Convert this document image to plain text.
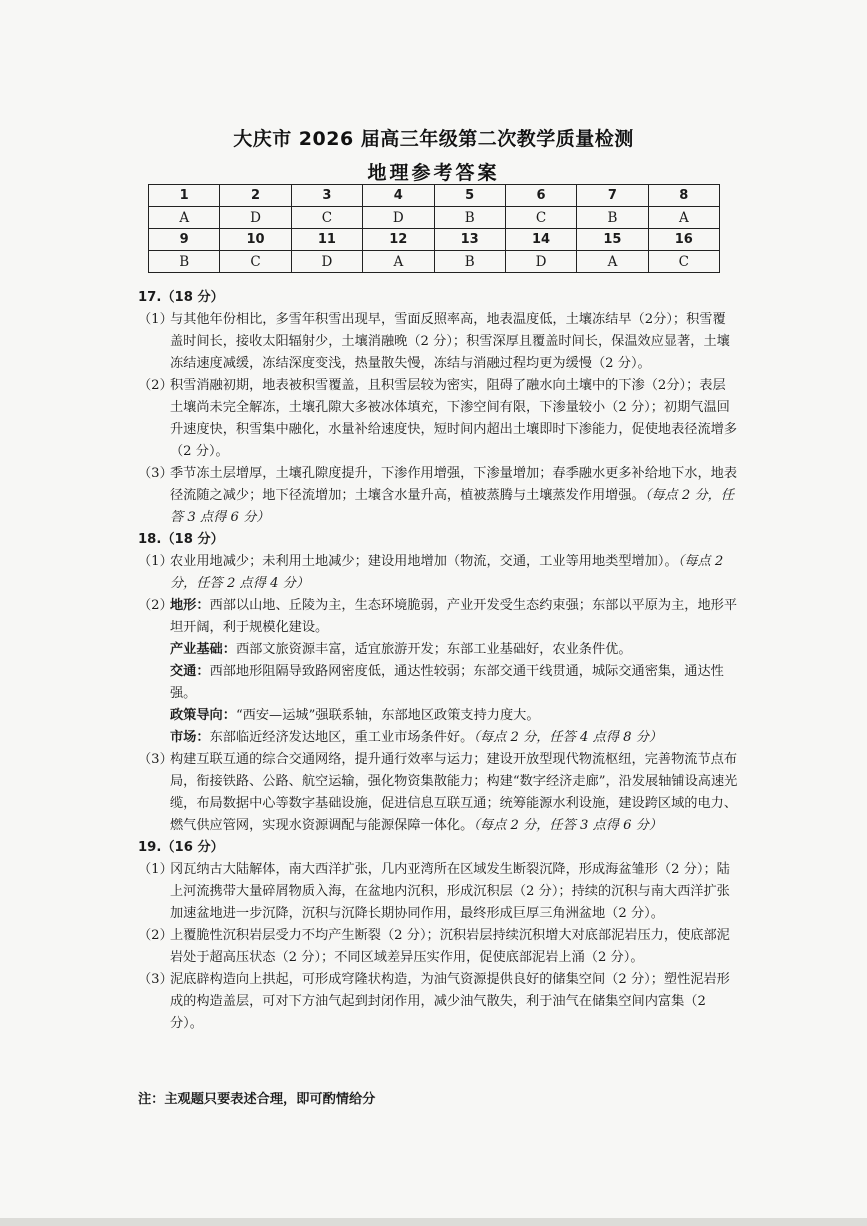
大庆市 2026 届高三年级第二次教学质量检测
地理参考答案
1	2	3	4	5	6	7	8
A	D	C	D	B	C	B	A
9	10	11	12	13	14	15	16
B	C	D	A	B	D	A	C

17.（18 分）

（1）
与其他年份相比，多雪年积雪出现早，雪面反照率高，地表温度低，土壤冻结早（2分）；积雪覆盖时间长，接收太阳辐射少，土壤消融晚（2 分）；积雪深厚且覆盖时间长，保温效应显著，土壤冻结速度减缓，冻结深度变浅，热量散失慢，冻结与消融过程均更为缓慢（2 分）。

（2）
积雪消融初期，地表被积雪覆盖，且积雪层较为密实，阻碍了融水向土壤中的下渗（2分）；表层土壤尚未完全解冻，土壤孔隙大多被冰体填充，下渗空间有限，下渗量较小（2 分）；初期气温回升速度快，积雪集中融化，水量补给速度快，短时间内超出土壤即时下渗能力，促使地表径流增多（2 分）。

（3）
季节冻土层增厚，土壤孔隙度提升，下渗作用增强，下渗量增加；春季融水更多补给地下水，地表径流随之减少；地下径流增加；土壤含水量升高，植被蒸腾与土壤蒸发作用增强。（每点 2 分，任答 3 点得 6 分）

18.（18 分）

（1）
农业用地减少；未利用土地减少；建设用地增加（物流，交通，工业等用地类型增加）。（每点 2 分，任答 2 点得 4 分）

（2）
地形：西部以山地、丘陵为主，生态环境脆弱，产业开发受生态约束强；东部以平原为主，地形平坦开阔，利于规模化建设。

产业基础：西部文旅资源丰富，适宜旅游开发；东部工业基础好，农业条件优。

交通：西部地形阻隔导致路网密度低，通达性较弱；东部交通干线贯通，城际交通密集，通达性强。

政策导向：“西安—运城”强联系轴，东部地区政策支持力度大。

市场：东部临近经济发达地区，重工业市场条件好。（每点 2 分，任答 4 点得 8 分）

（3）
构建互联互通的综合交通网络，提升通行效率与运力；建设开放型现代物流枢纽，完善物流节点布局，衔接铁路、公路、航空运输，强化物资集散能力；构建“数字经济走廊”，沿发展轴铺设高速光缆，布局数据中心等数字基础设施，促进信息互联互通；统筹能源水利设施，建设跨区域的电力、燃气供应管网，实现水资源调配与能源保障一体化。（每点 2 分，任答 3 点得 6 分）

19.（16 分）

（1）
冈瓦纳古大陆解体，南大西洋扩张，几内亚湾所在区域发生断裂沉降，形成海盆雏形（2 分）；陆上河流携带大量碎屑物质入海，在盆地内沉积，形成沉积层（2 分）；持续的沉积与南大西洋扩张加速盆地进一步沉降，沉积与沉降长期协同作用，最终形成巨厚三角洲盆地（2 分）。

（2）
上覆脆性沉积岩层受力不均产生断裂（2 分）；沉积岩层持续沉积增大对底部泥岩压力，使底部泥岩处于超高压状态（2 分）；不同区域差异压实作用，促使底部泥岩上涌（2 分）。

（3）
泥底辟构造向上拱起，可形成穹隆状构造，为油气资源提供良好的储集空间（2 分）；塑性泥岩形成的构造盖层，可对下方油气起到封闭作用，减少油气散失，利于油气在储集空间内富集（2 分）。

注：主观题只要表述合理，即可酌情给分
